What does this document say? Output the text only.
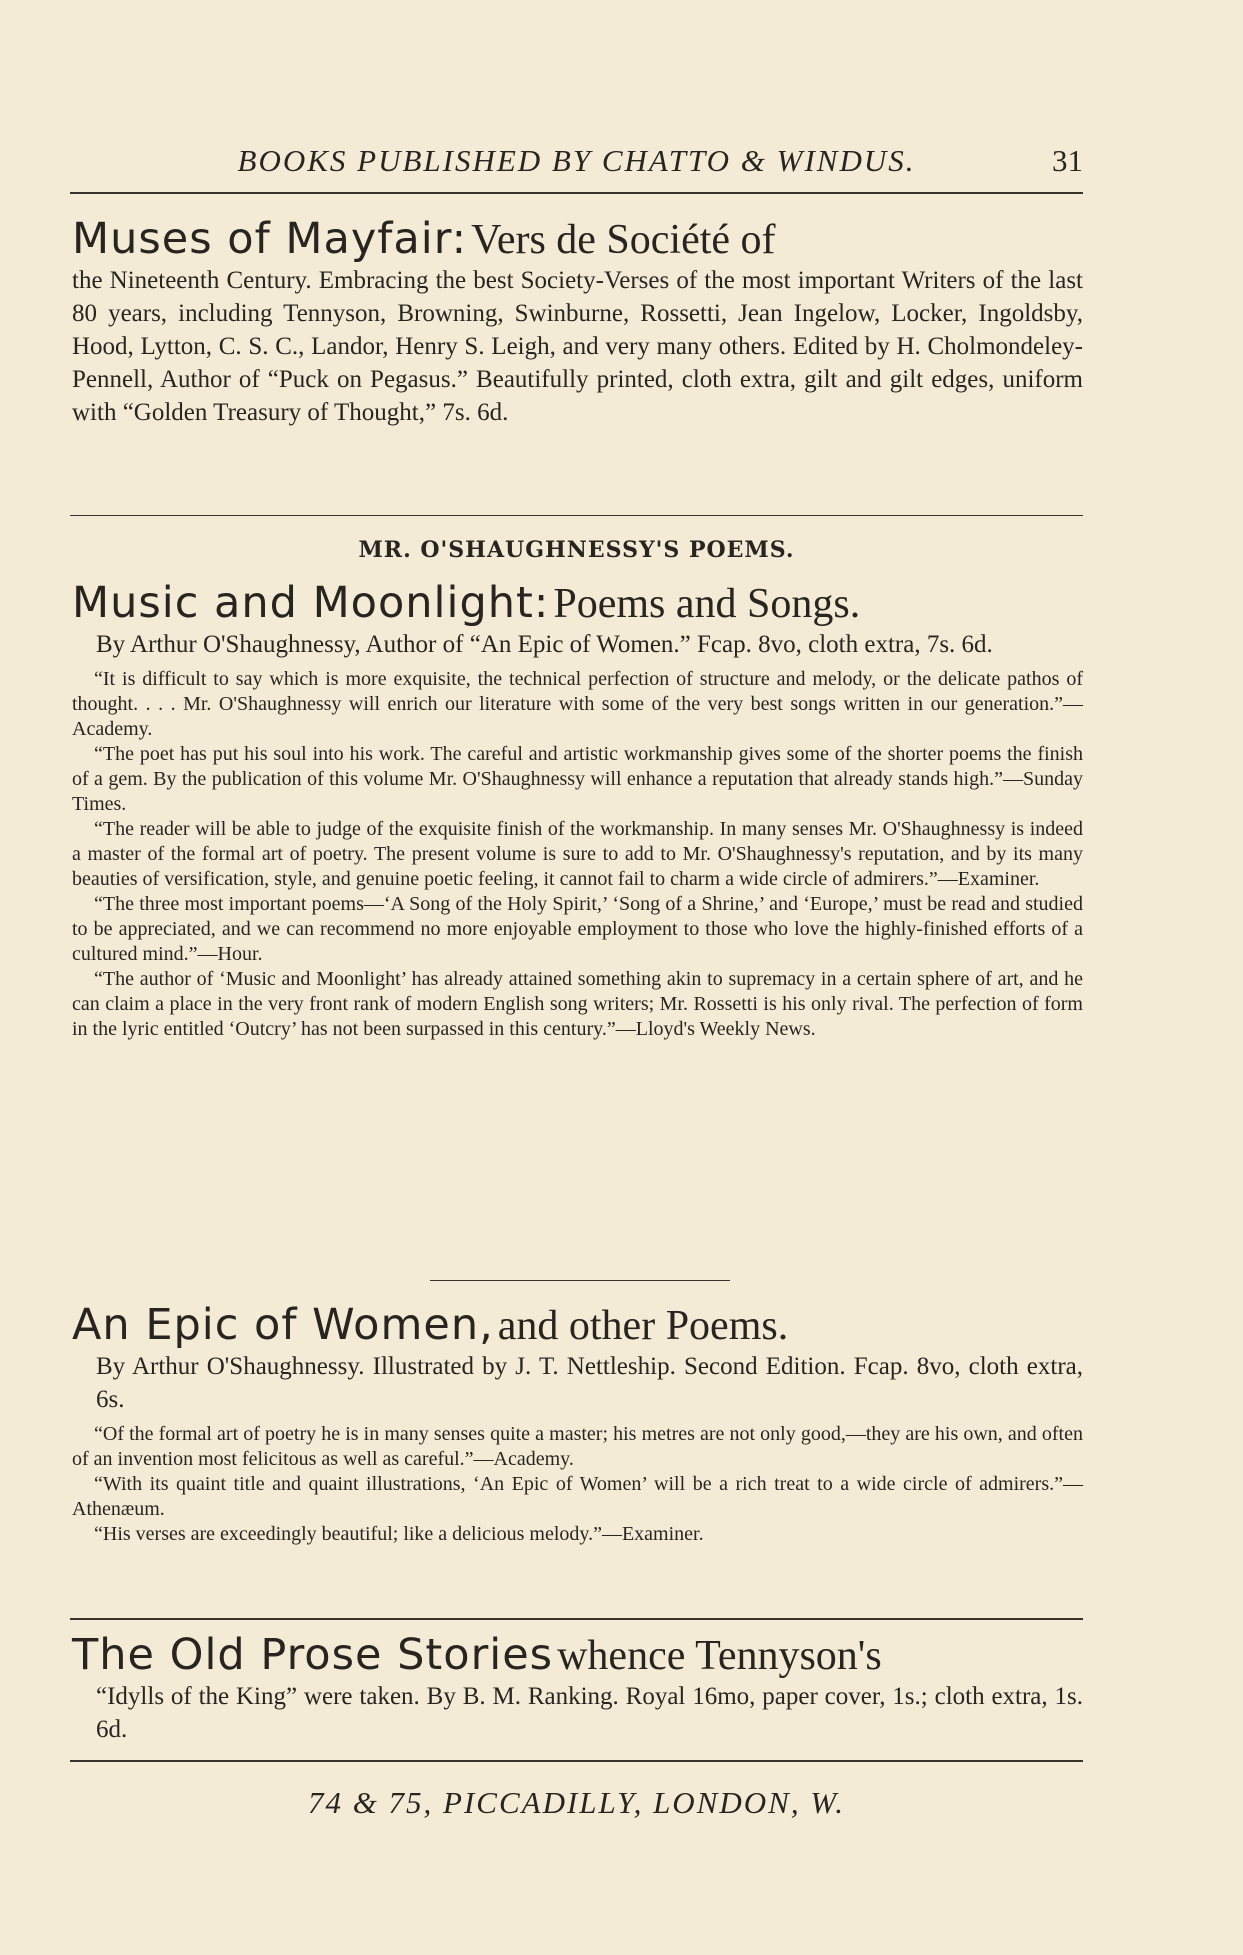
BOOKS PUBLISHED BY CHATTO & WINDUS.	31
Muses of Mayfair: Vers de Société of
the Nineteenth Century. Embracing the best Society-Verses of the most important Writers of the last 80 years, including Tennyson, Browning, Swinburne, Rossetti, Jean Ingelow, Locker, Ingoldsby, Hood, Lytton, C. S. C., Landor, Henry S. Leigh, and very many others. Edited by H. Cholmondeley-Pennell, Author of “Puck on Pegasus.” Beautifully printed, cloth extra, gilt and gilt edges, uniform with “Golden Treasury of Thought,” 7s. 6d.
MR. O'SHAUGHNESSY'S POEMS.
Music and Moonlight: Poems and Songs.
By Arthur O'Shaughnessy, Author of “An Epic of Women.” Fcap. 8vo, cloth extra, 7s. 6d.
“It is difficult to say which is more exquisite, the technical perfection of structure and melody, or the delicate pathos of thought. . . . Mr. O'Shaughnessy will enrich our literature with some of the very best songs written in our generation.”—Academy.
“The poet has put his soul into his work. The careful and artistic workmanship gives some of the shorter poems the finish of a gem. By the publication of this volume Mr. O'Shaughnessy will enhance a reputation that already stands high.”—Sunday Times.
“The reader will be able to judge of the exquisite finish of the workmanship. In many senses Mr. O'Shaughnessy is indeed a master of the formal art of poetry. The present volume is sure to add to Mr. O'Shaughnessy's reputation, and by its many beauties of versification, style, and genuine poetic feeling, it cannot fail to charm a wide circle of admirers.”—Examiner.
“The three most important poems—‘A Song of the Holy Spirit,’ ‘Song of a Shrine,’ and ‘Europe,’ must be read and studied to be appreciated, and we can recommend no more enjoyable employment to those who love the highly-finished efforts of a cultured mind.”—Hour.
“The author of ‘Music and Moonlight’ has already attained something akin to supremacy in a certain sphere of art, and he can claim a place in the very front rank of modern English song writers; Mr. Rossetti is his only rival. The perfection of form in the lyric entitled ‘Outcry’ has not been surpassed in this century.”—Lloyd's Weekly News.
An Epic of Women, and other Poems.
By Arthur O'Shaughnessy. Illustrated by J. T. Nettleship. Second Edition. Fcap. 8vo, cloth extra, 6s.
“Of the formal art of poetry he is in many senses quite a master; his metres are not only good,—they are his own, and often of an invention most felicitous as well as careful.”—Academy.
“With its quaint title and quaint illustrations, ‘An Epic of Women’ will be a rich treat to a wide circle of admirers.”—Athenæum.
“His verses are exceedingly beautiful; like a delicious melody.”—Examiner.
The Old Prose Stories whence Tennyson's
“Idylls of the King” were taken. By B. M. Ranking. Royal 16mo, paper cover, 1s.; cloth extra, 1s. 6d.
74 & 75, PICCADILLY, LONDON, W.
